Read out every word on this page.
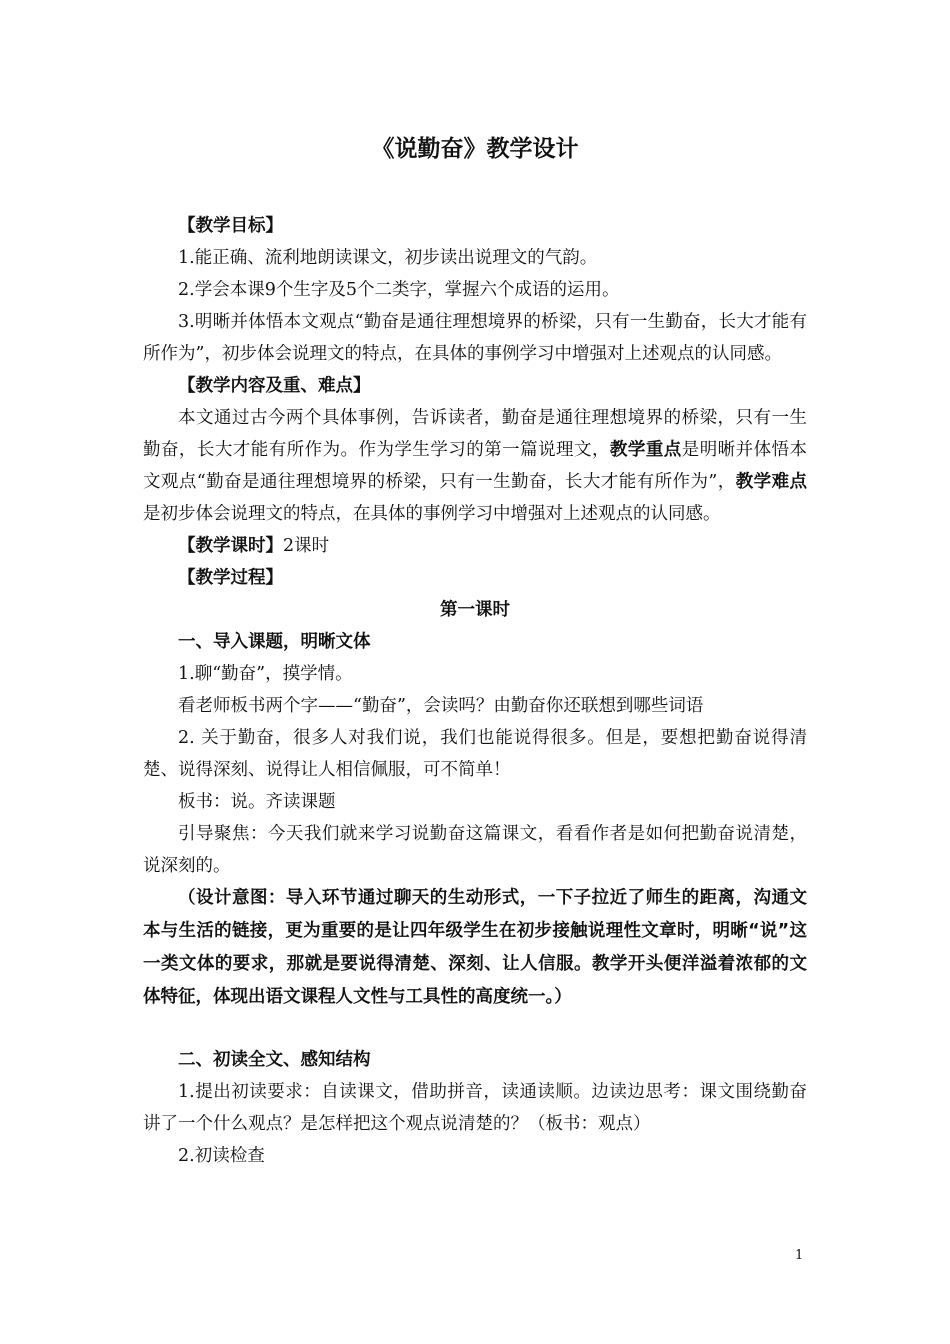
《说勤奋》教学设计

【教学目标】

1.能正确、流利地朗读课文，初步读出说理文的气韵。

2.学会本课9个生字及5个二类字，掌握六个成语的运用。

3.明晰并体悟本文观点“勤奋是通往理想境界的桥梁，只有一生勤奋，长大才能有所作为”，初步体会说理文的特点，在具体的事例学习中增强对上述观点的认同感。

【教学内容及重、难点】

本文通过古今两个具体事例，告诉读者，勤奋是通往理想境界的桥梁，只有一生勤奋，长大才能有所作为。作为学生学习的第一篇说理文，教学重点是明晰并体悟本文观点“勤奋是通往理想境界的桥梁，只有一生勤奋，长大才能有所作为”，教学难点是初步体会说理文的特点，在具体的事例学习中增强对上述观点的认同感。

【教学课时】2课时

【教学过程】

第一课时

一、导入课题，明晰文体

1.聊“勤奋”，摸学情。

看老师板书两个字——“勤奋”，会读吗？由勤奋你还联想到哪些词语

2. 关于勤奋，很多人对我们说，我们也能说得很多。但是，要想把勤奋说得清楚、说得深刻、说得让人相信佩服，可不简单！

板书：说。齐读课题

引导聚焦：今天我们就来学习说勤奋这篇课文，看看作者是如何把勤奋说清楚，说深刻的。

（设计意图：导入环节通过聊天的生动形式，一下子拉近了师生的距离，沟通文本与生活的链接，更为重要的是让四年级学生在初步接触说理性文章时，明晰“说”这一类文体的要求，那就是要说得清楚、深刻、让人信服。教学开头便洋溢着浓郁的文体特征，体现出语文课程人文性与工具性的高度统一。）

二、初读全文、感知结构

1.提出初读要求：自读课文，借助拼音，读通读顺。边读边思考：课文围绕勤奋讲了一个什么观点？是怎样把这个观点说清楚的？（板书：观点）

2.初读检查

1
